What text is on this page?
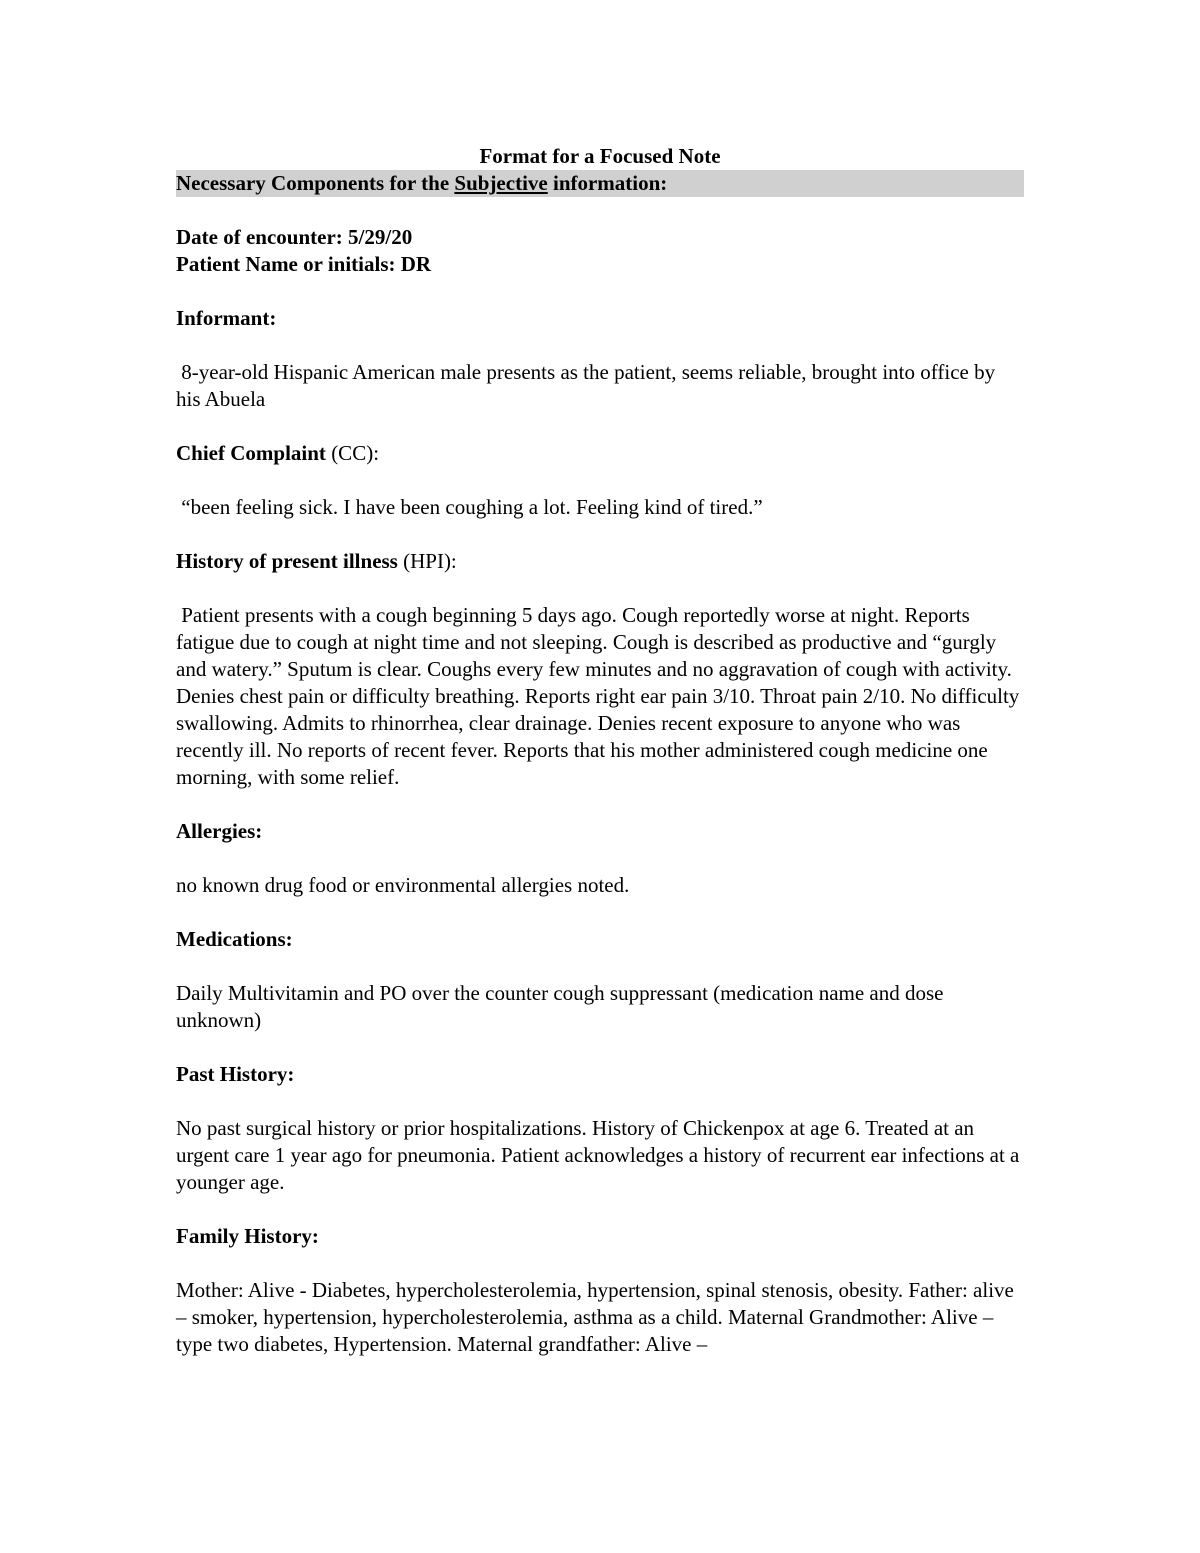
Format for a Focused Note

Necessary Components for the Subjective information:

Date of encounter: 5/29/20

Patient Name or initials: DR

Informant:

8-year-old Hispanic American male presents as the patient, seems reliable, brought into office by his Abuela

Chief Complaint (CC):

“been feeling sick. I have been coughing a lot. Feeling kind of tired.”

History of present illness (HPI):

Patient presents with a cough beginning 5 days ago. Cough reportedly worse at night. Reports fatigue due to cough at night time and not sleeping. Cough is described as productive and “gurgly and watery.” Sputum is clear. Coughs every few minutes and no aggravation of cough with activity. Denies chest pain or difficulty breathing. Reports right ear pain 3/10. Throat pain 2/10. No difficulty swallowing. Admits to rhinorrhea, clear drainage. Denies recent exposure to anyone who was recently ill. No reports of recent fever. Reports that his mother administered cough medicine one morning, with some relief.

Allergies:

no known drug food or environmental allergies noted.

Medications:

Daily Multivitamin and PO over the counter cough suppressant (medication name and dose unknown)

Past History:

No past surgical history or prior hospitalizations. History of Chickenpox at age 6. Treated at an urgent care 1 year ago for pneumonia. Patient acknowledges a history of recurrent ear infections at a younger age.

Family History:

Mother: Alive - Diabetes, hypercholesterolemia, hypertension, spinal stenosis, obesity. Father: alive – smoker, hypertension, hypercholesterolemia, asthma as a child. Maternal Grandmother: Alive – type two diabetes, Hypertension. Maternal grandfather: Alive –
